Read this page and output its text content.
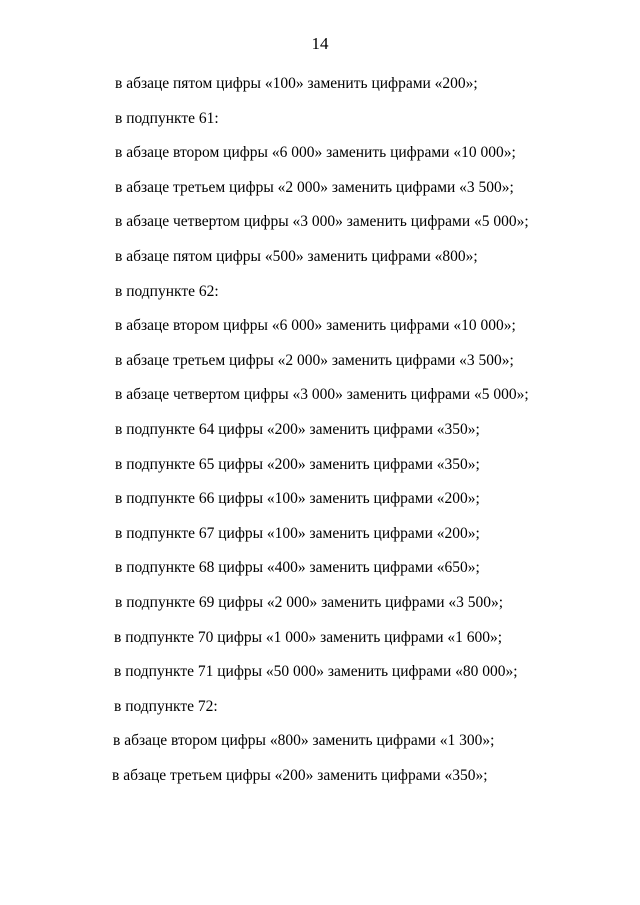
14
в абзаце пятом цифры «100» заменить цифрами «200»;
в подпункте 61:
в абзаце втором цифры «6 000» заменить цифрами «10 000»;
в абзаце третьем цифры «2 000» заменить цифрами «3 500»;
в абзаце четвертом цифры «3 000» заменить цифрами «5 000»;
в абзаце пятом цифры «500» заменить цифрами «800»;
в подпункте 62:
в абзаце втором цифры «6 000» заменить цифрами «10 000»;
в абзаце третьем цифры «2 000» заменить цифрами «3 500»;
в абзаце четвертом цифры «3 000» заменить цифрами «5 000»;
в подпункте 64 цифры «200» заменить цифрами «350»;
в подпункте 65 цифры «200» заменить цифрами «350»;
в подпункте 66 цифры «100» заменить цифрами «200»;
в подпункте 67 цифры «100» заменить цифрами «200»;
в подпункте 68 цифры «400» заменить цифрами «650»;
в подпункте 69 цифры «2 000» заменить цифрами «3 500»;
в подпункте 70 цифры «1 000» заменить цифрами «1 600»;
в подпункте 71 цифры «50 000» заменить цифрами «80 000»;
в подпункте 72:
в абзаце втором цифры «800» заменить цифрами «1 300»;
в абзаце третьем цифры «200» заменить цифрами «350»;
